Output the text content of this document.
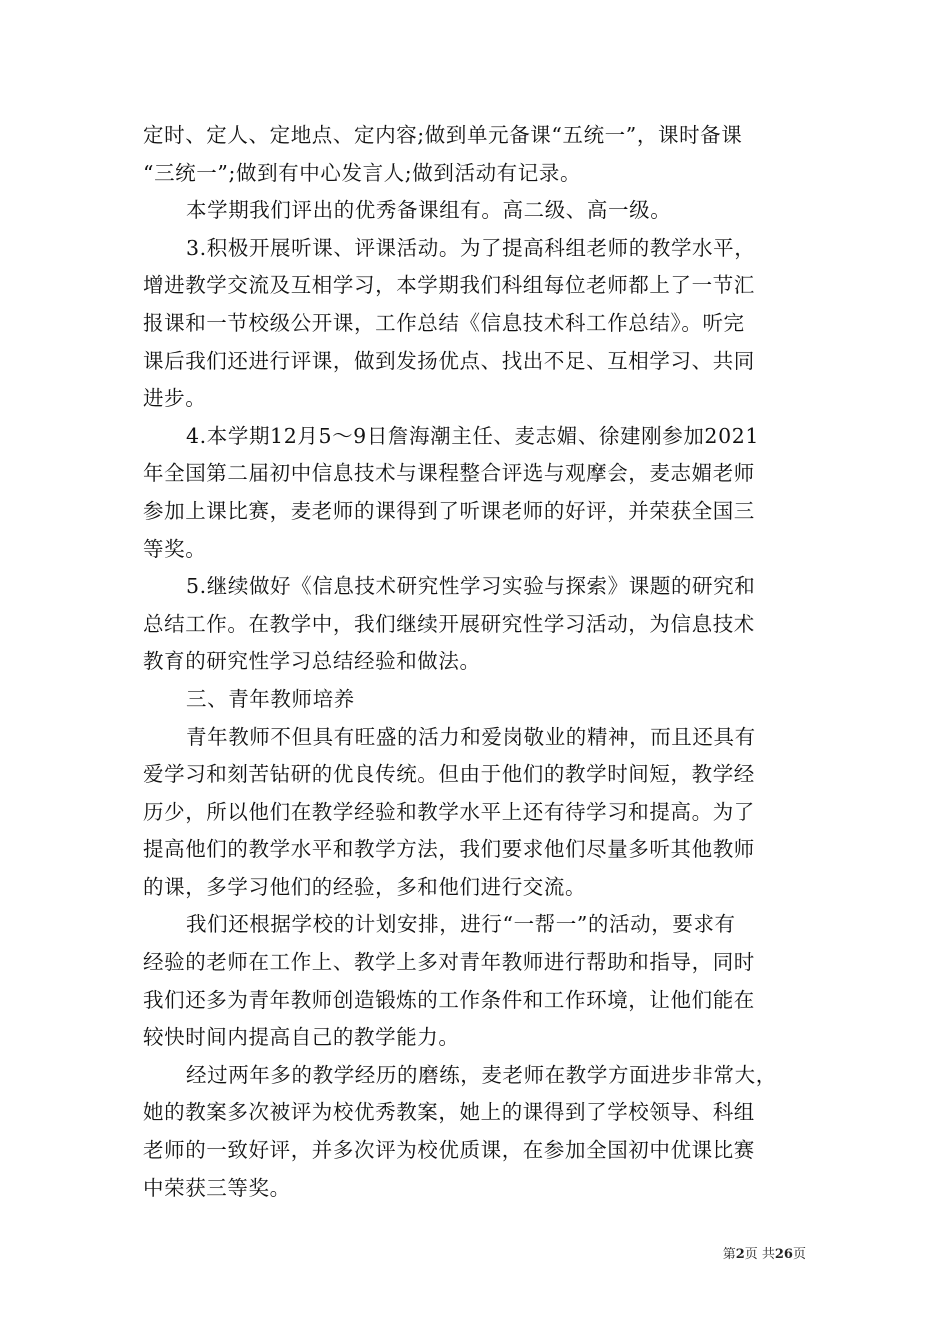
定时、定人、定地点、定内容;做到单元备课“五统一”，课时备课
“三统一”;做到有中心发言人;做到活动有记录。
本学期我们评出的优秀备课组有。高二级、高一级。
3.积极开展听课、评课活动。为了提高科组老师的教学水平，
增进教学交流及互相学习，本学期我们科组每位老师都上了一节汇
报课和一节校级公开课，工作总结《信息技术科工作总结》。听完
课后我们还进行评课，做到发扬优点、找出不足、互相学习、共同
进步。
4.本学期12月5～9日詹海潮主任、麦志媚、徐建刚参加2021
年全国第二届初中信息技术与课程整合评选与观摩会，麦志媚老师
参加上课比赛，麦老师的课得到了听课老师的好评，并荣获全国三
等奖。
5.继续做好《信息技术研究性学习实验与探索》课题的研究和
总结工作。在教学中，我们继续开展研究性学习活动，为信息技术
教育的研究性学习总结经验和做法。
三、青年教师培养
青年教师不但具有旺盛的活力和爱岗敬业的精神，而且还具有
爱学习和刻苦钻研的优良传统。但由于他们的教学时间短，教学经
历少，所以他们在教学经验和教学水平上还有待学习和提高。为了
提高他们的教学水平和教学方法，我们要求他们尽量多听其他教师
的课，多学习他们的经验，多和他们进行交流。
我们还根据学校的计划安排，进行“一帮一”的活动，要求有
经验的老师在工作上、教学上多对青年教师进行帮助和指导，同时
我们还多为青年教师创造锻炼的工作条件和工作环境，让他们能在
较快时间内提高自己的教学能力。
经过两年多的教学经历的磨练，麦老师在教学方面进步非常大，
她的教案多次被评为校优秀教案，她上的课得到了学校领导、科组
老师的一致好评，并多次评为校优质课，在参加全国初中优课比赛
中荣获三等奖。
第2页 共26页
